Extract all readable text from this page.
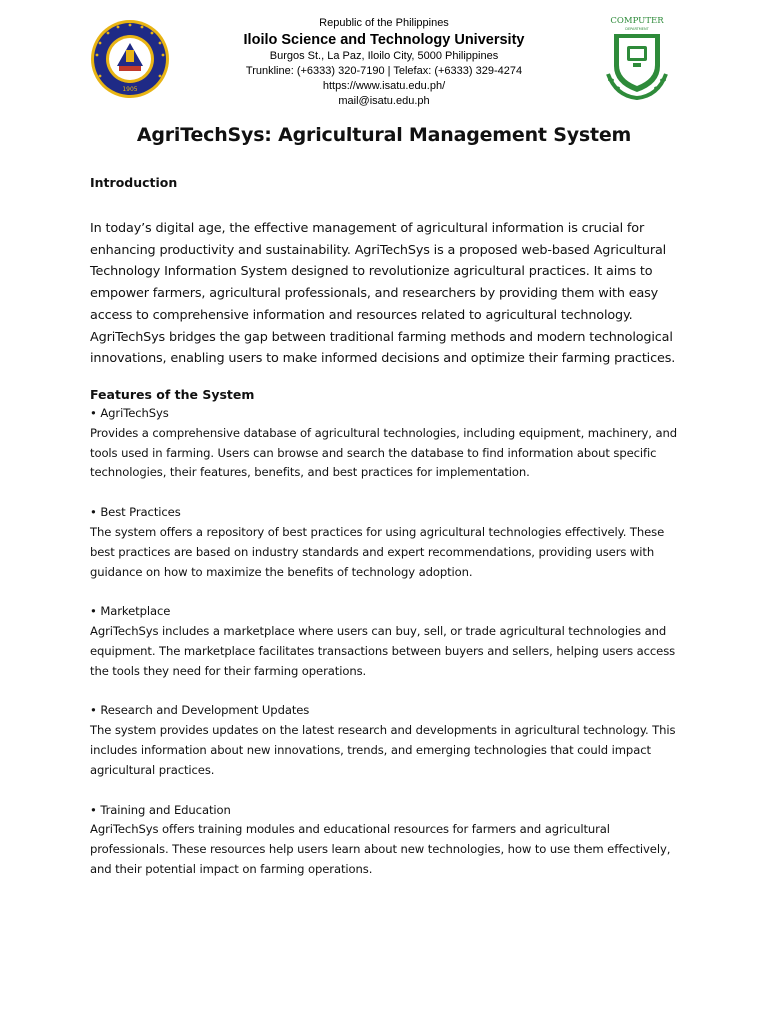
1905
Republic of the Philippines
Iloilo Science and Technology University
Burgos St., La Paz, Iloilo City, 5000 Philippines
Trunkline: (+6333) 320-7190 | Telefax: (+6333) 329-4274
https://www.isatu.edu.ph/
mail@isatu.edu.ph
COMPUTER
DEPARTMENT
AgriTechSys: Agricultural Management System
Introduction

In today’s digital age, the effective management of agricultural information is crucial for enhancing productivity and sustainability. AgriTechSys is a proposed web-based Agricultural Technology Information System designed to revolutionize agricultural practices. It aims to empower farmers, agricultural professionals, and researchers by providing them with easy access to comprehensive information and resources related to agricultural technology. AgriTechSys bridges the gap between traditional farming methods and modern technological innovations, enabling users to make informed decisions and optimize their farming practices.

Features of the System

• AgriTechSys

Provides a comprehensive database of agricultural technologies, including equipment, machinery, and tools used in farming. Users can browse and search the database to find information about specific technologies, their features, benefits, and best practices for implementation.

• Best Practices

The system offers a repository of best practices for using agricultural technologies effectively. These best practices are based on industry standards and expert recommendations, providing users with guidance on how to maximize the benefits of technology adoption.

• Marketplace

AgriTechSys includes a marketplace where users can buy, sell, or trade agricultural technologies and equipment. The marketplace facilitates transactions between buyers and sellers, helping users access the tools they need for their farming operations.

• Research and Development Updates

The system provides updates on the latest research and developments in agricultural technology. This includes information about new innovations, trends, and emerging technologies that could impact agricultural practices.

• Training and Education

AgriTechSys offers training modules and educational resources for farmers and agricultural professionals. These resources help users learn about new technologies, how to use them effectively, and their potential impact on farming operations.
